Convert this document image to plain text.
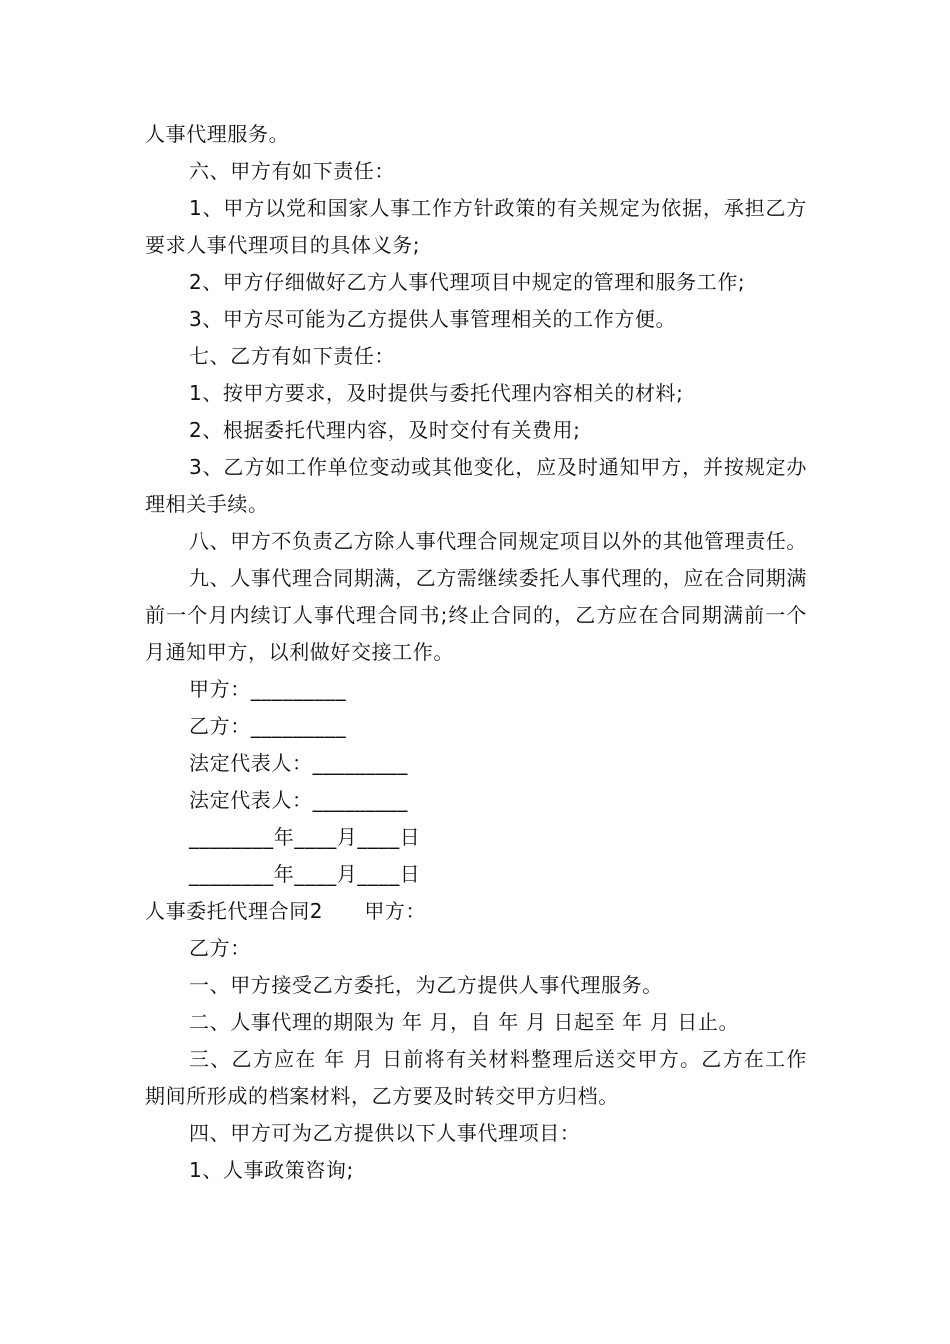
人事代理服务。

六、甲方有如下责任：

1、甲方以党和国家人事工作方针政策的有关规定为依据，承担乙方要求人事代理项目的具体义务;

2、甲方仔细做好乙方人事代理项目中规定的管理和服务工作;

3、甲方尽可能为乙方提供人事管理相关的工作方便。

七、乙方有如下责任：

1、按甲方要求，及时提供与委托代理内容相关的材料;

2、根据委托代理内容，及时交付有关费用;

3、乙方如工作单位变动或其他变化，应及时通知甲方，并按规定办理相关手续。

八、甲方不负责乙方除人事代理合同规定项目以外的其他管理责任。

九、人事代理合同期满，乙方需继续委托人事代理的，应在合同期满前一个月内续订人事代理合同书;终止合同的，乙方应在合同期满前一个月通知甲方，以利做好交接工作。

甲方：_________

乙方：_________

法定代表人：_________

法定代表人：_________

________年____月____日

________年____月____日

人事委托代理合同2　　甲方：

乙方：

一、甲方接受乙方委托，为乙方提供人事代理服务。

二、人事代理的期限为 年 月，自 年 月 日起至 年 月 日止。

三、乙方应在 年 月 日前将有关材料整理后送交甲方。乙方在工作期间所形成的档案材料，乙方要及时转交甲方归档。

四、甲方可为乙方提供以下人事代理项目：

1、人事政策咨询;
